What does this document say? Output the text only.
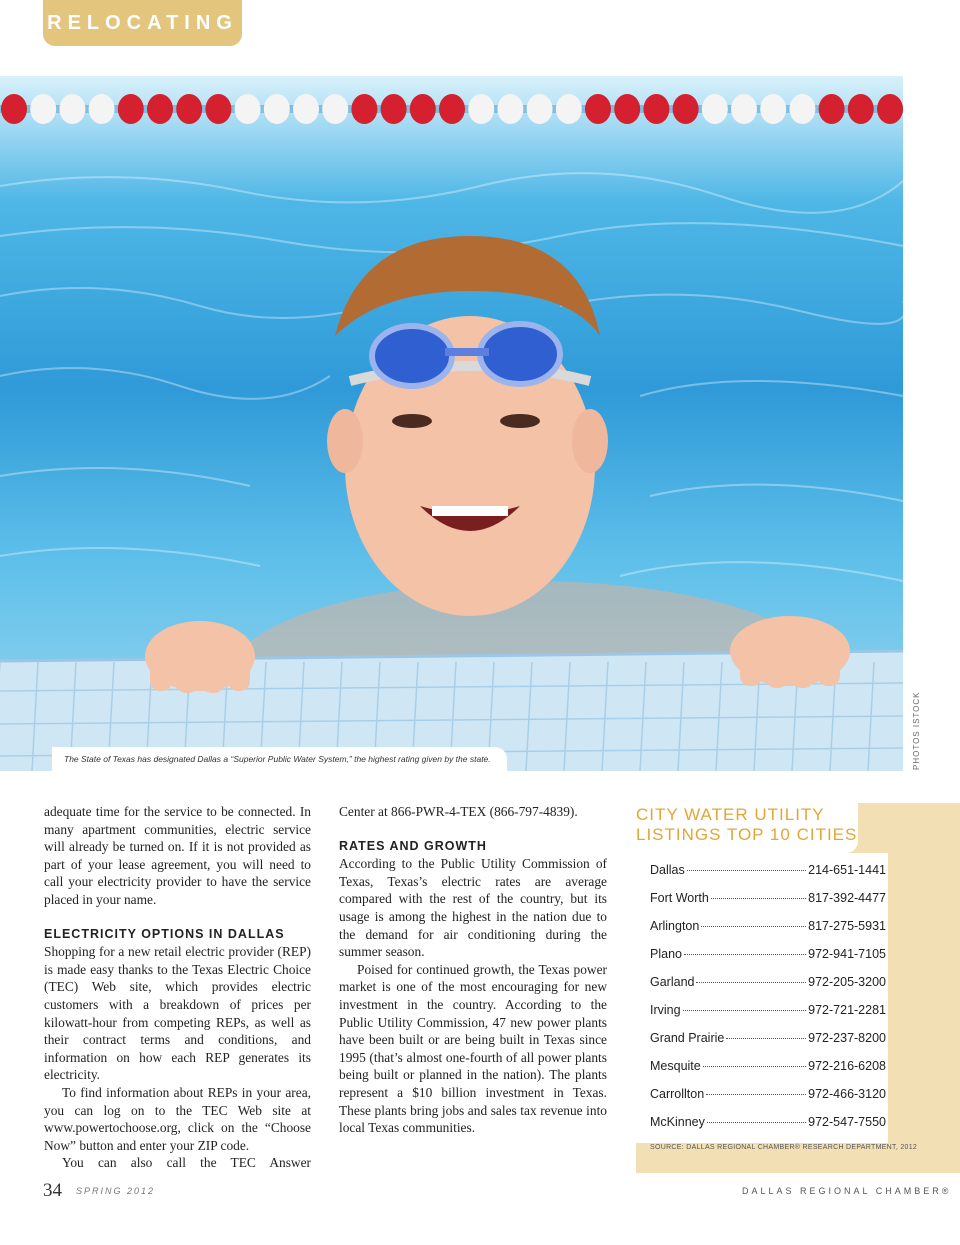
RELOCATING
The State of Texas has designated Dallas a “Superior Public Water System,” the highest rating given by the state.	PHOTOS ISTOCK

adequate time for the service to be connected. In many apartment communities, electric service will already be turned on. If it is not provided as part of your lease agreement, you will need to call your electricity provider to have the service placed in your name.

ELECTRICITY OPTIONS IN DALLAS

Shopping for a new retail electric provider (REP) is made easy thanks to the Texas Electric Choice (TEC) Web site, which provides electric customers with a breakdown of prices per kilowatt-hour from competing REPs, as well as their contract terms and conditions, and information on how each REP generates its electricity.

To find information about REPs in your area, you can log on to the TEC Web site at www.powertochoose.org, click on the “Choose Now” button and enter your ZIP code.

You can also call the TEC Answer

Center at 866-PWR-4-TEX (866-797-4839).

RATES AND GROWTH

According to the Public Utility Commission of Texas, Texas’s electric rates are average compared with the rest of the country, but its usage is among the highest in the nation due to the demand for air conditioning during the summer season.

Poised for continued growth, the Texas power market is one of the most encouraging for new investment in the country. According to the Public Utility Commission, 47 new power plants have been built or are being built in Texas since 1995 (that’s almost one-fourth of all power plants being built or planned in the nation). The plants represent a $10 billion investment in Texas. These plants bring jobs and sales tax revenue into local Texas communities.

CITY WATER UTILITY
LISTINGS TOP 10 CITIES
Dallas	214-651-1441
Fort Worth	817-392-4477
Arlington	817-275-5931
Plano	972-941-7105
Garland	972-205-3200
Irving	972-721-2281
Grand Prairie	972-237-8200
Mesquite	972-216-6208
Carrollton	972-466-3120
McKinney	972-547-7550
SOURCE: DALLAS REGIONAL CHAMBER® RESEARCH DEPARTMENT, 2012
34 SPRING 2012	DALLAS REGIONAL CHAMBER®
